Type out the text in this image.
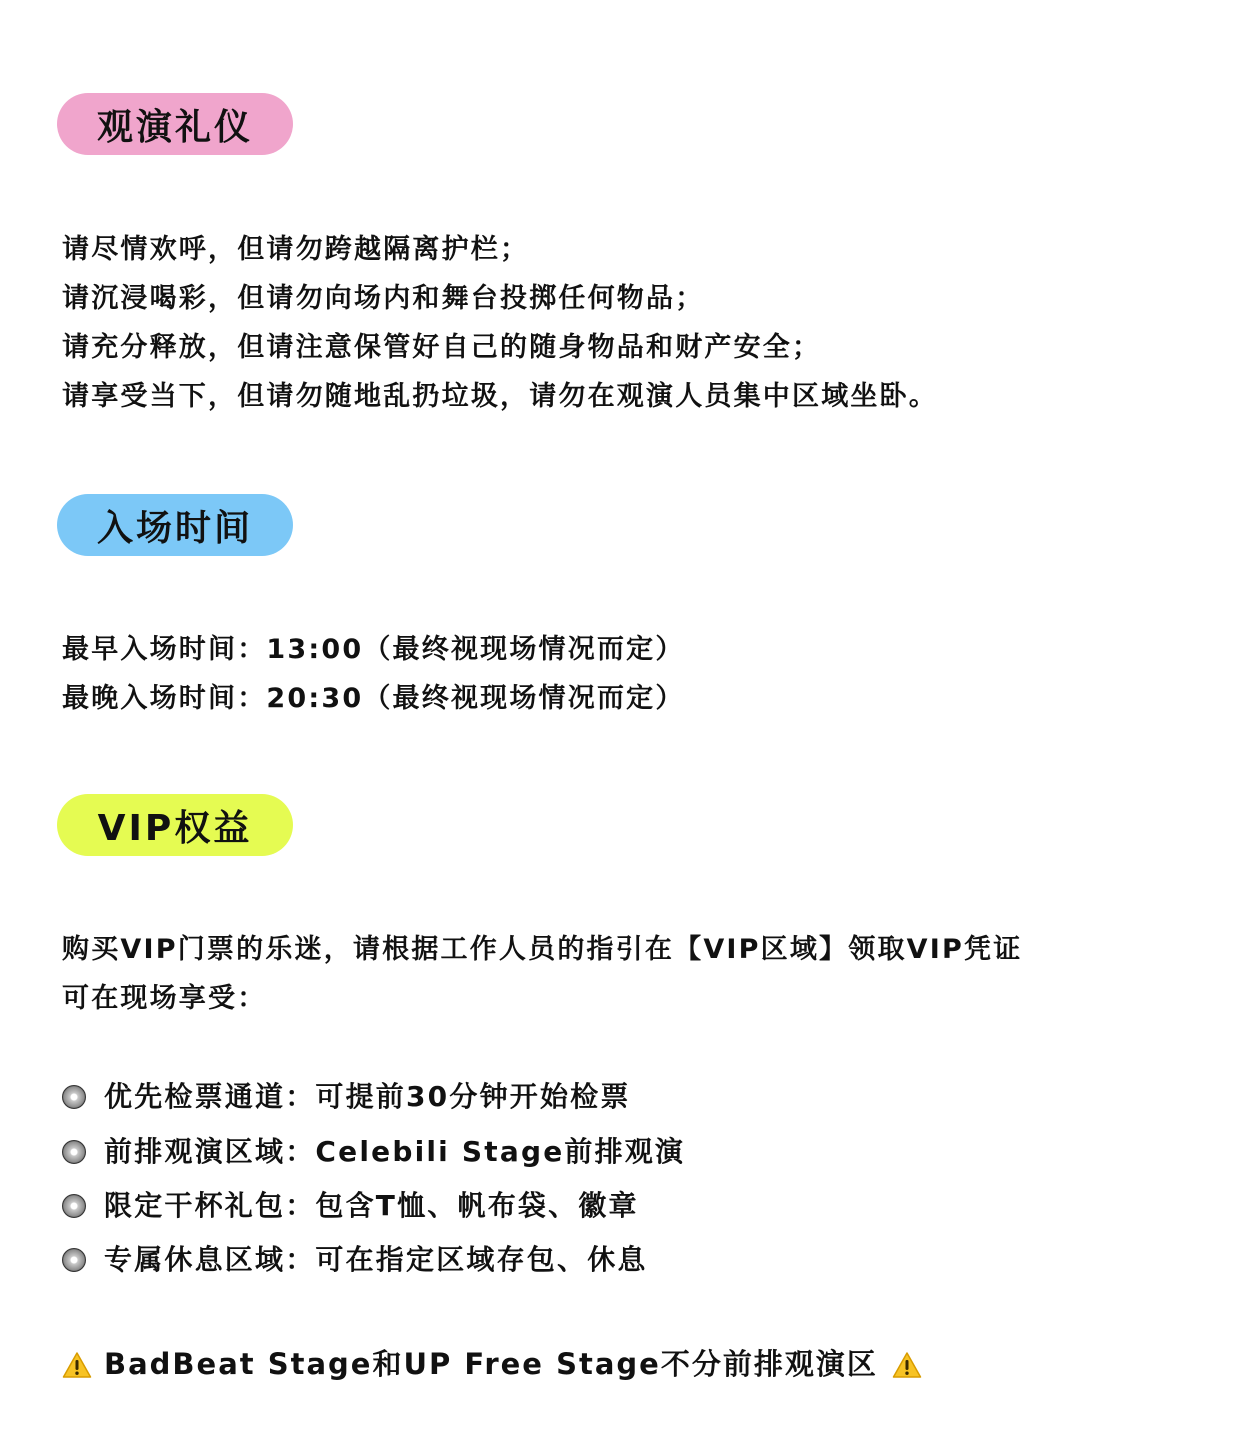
观演礼仪
请尽情欢呼，但请勿跨越隔离护栏；
请沉浸喝彩，但请勿向场内和舞台投掷任何物品；
请充分释放，但请注意保管好自己的随身物品和财产安全；
请享受当下，但请勿随地乱扔垃圾，请勿在观演人员集中区域坐卧。
入场时间
最早入场时间：13:00（最终视现场情况而定）
最晚入场时间：20:30（最终视现场情况而定）
VIP权益
购买VIP门票的乐迷，请根据工作人员的指引在【VIP区域】领取VIP凭证
可在现场享受：
优先检票通道：可提前30分钟开始检票
前排观演区域：Celebili Stage前排观演
限定干杯礼包：包含T恤、帆布袋、徽章
专属休息区域：可在指定区域存包、休息
BadBeat Stage和UP Free Stage不分前排观演区
